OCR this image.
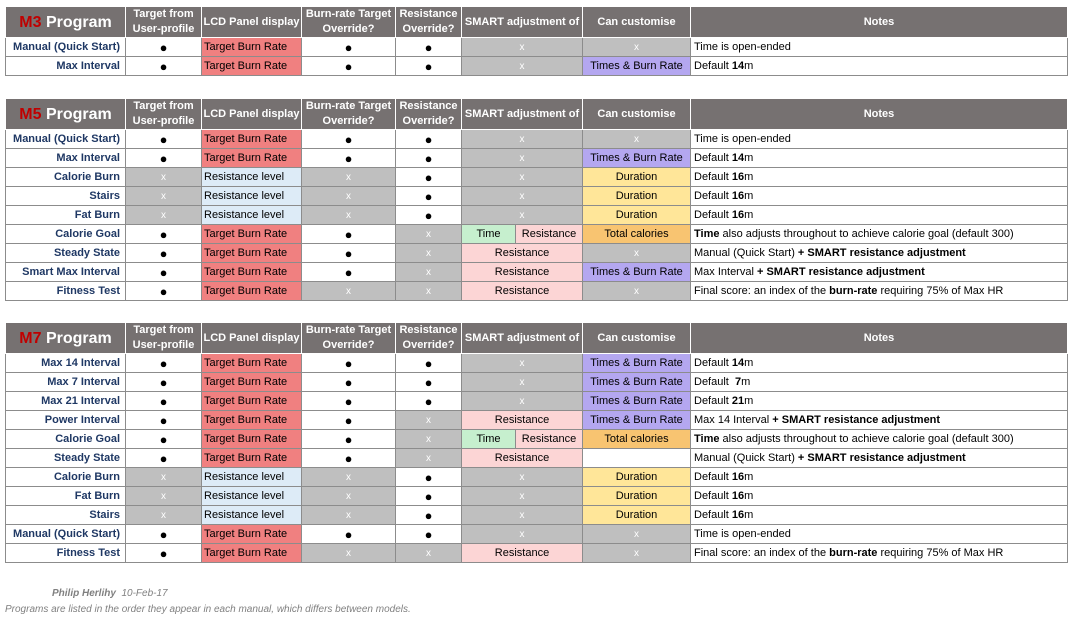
M3 Program	Target from User-profile	LCD Panel display	Burn-rate Target Override?	Resistance Override?	SMART adjustment of	Can customise	Notes
Manual (Quick Start)	●	Target Burn Rate	●	●	x	x	Time is open-ended
Max Interval	●	Target Burn Rate	●	●	x	Times & Burn Rate	Default 14m
M5 Program	Target from User-profile	LCD Panel display	Burn-rate Target Override?	Resistance Override?	SMART adjustment of		Can customise	Notes
Manual (Quick Start)	●	Target Burn Rate	●	●	x		x	Time is open-ended
Max Interval	●	Target Burn Rate	●	●	x		Times & Burn Rate	Default 14m
Calorie Burn	x	Resistance level	x	●	x		Duration	Default 16m
Stairs	x	Resistance level	x	●	x		Duration	Default 16m
Fat Burn	x	Resistance level	x	●	x		Duration	Default 16m
Calorie Goal	●	Target Burn Rate	●	x	Time	Resistance	Total calories	Time also adjusts throughout to achieve calorie goal (default 300)
Steady State	●	Target Burn Rate	●	x	Resistance		x	Manual (Quick Start) + SMART resistance adjustment
Smart Max Interval	●	Target Burn Rate	●	x	Resistance		Times & Burn Rate	Max Interval + SMART resistance adjustment
Fitness Test	●	Target Burn Rate	x	x	Resistance		x	Final score: an index of the burn-rate requiring 75% of Max HR
M7 Program	Target from User-profile	LCD Panel display	Burn-rate Target Override?	Resistance Override?	SMART adjustment of		Can customise	Notes
Max 14 Interval	●	Target Burn Rate	●	●	x		Times & Burn Rate	Default 14m
Max 7 Interval	●	Target Burn Rate	●	●	x		Times & Burn Rate	Default  7m
Max 21 Interval	●	Target Burn Rate	●	●	x		Times & Burn Rate	Default 21m
Power Interval	●	Target Burn Rate	●	x	Resistance		Times & Burn Rate	Max 14 Interval + SMART resistance adjustment
Calorie Goal	●	Target Burn Rate	●	x	Time	Resistance	Total calories	Time also adjusts throughout to achieve calorie goal (default 300)
Steady State	●	Target Burn Rate	●	x	Resistance			Manual (Quick Start) + SMART resistance adjustment
Calorie Burn	x	Resistance level	x	●	x		Duration	Default 16m
Fat Burn	x	Resistance level	x	●	x		Duration	Default 16m
Stairs	x	Resistance level	x	●	x		Duration	Default 16m
Manual (Quick Start)	●	Target Burn Rate	●	●	x		x	Time is open-ended
Fitness Test	●	Target Burn Rate	x	x	Resistance		x	Final score: an index of the burn-rate requiring 75% of Max HR
Philip Herlihy 10-Feb-17
Programs are listed in the order they appear in each manual, which differs between models.
